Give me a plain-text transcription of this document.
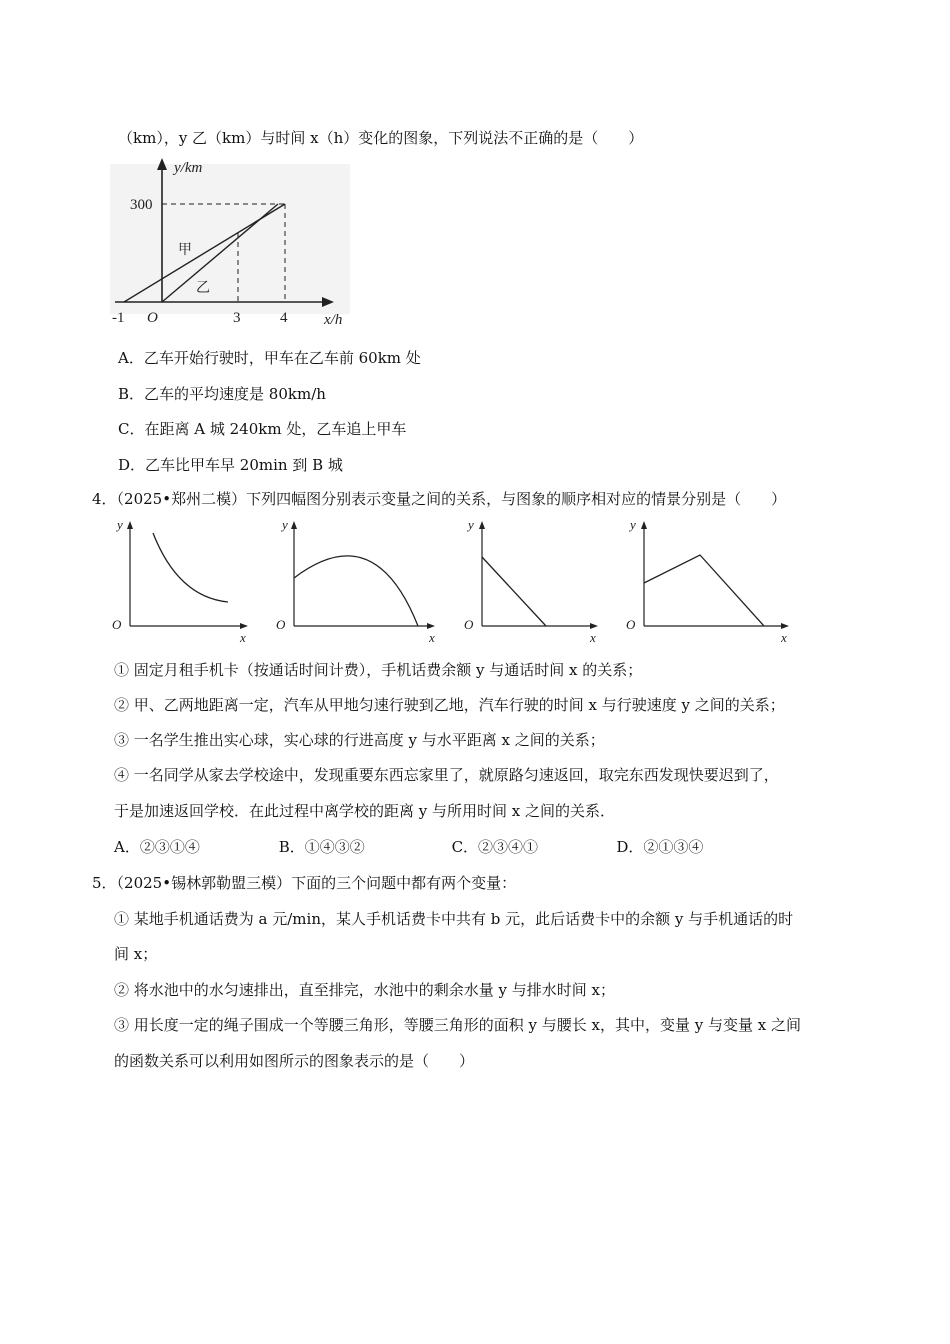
（km），y 乙（km）与时间 x（h）变化的图象，下列说法不正确的是（　　）
y/km
x/h
300
-1	3	4
O
甲
乙
A．乙车开始行驶时，甲车在乙车前 60km 处
B．乙车的平均速度是 80km/h
C．在距离 A 城 240km 处，乙车追上甲车
D．乙车比甲车早 20min 到 B 城
4．（2025•郑州二模）下列四幅图分别表示变量之间的关系，与图象的顺序相对应的情景分别是（　　）
y
O
x
y
O
x
y
O
x
y
O
x
① 固定月租手机卡（按通话时间计费），手机话费余额 y 与通话时间 x 的关系；
② 甲、乙两地距离一定，汽车从甲地匀速行驶到乙地，汽车行驶的时间 x 与行驶速度 y 之间的关系；
③ 一名学生推出实心球，实心球的行进高度 y 与水平距离 x 之间的关系；
④ 一名同学从家去学校途中，发现重要东西忘家里了，就原路匀速返回，取完东西发现快要迟到了，
于是加速返回学校．在此过程中离学校的距离 y 与所用时间 x 之间的关系．
A．②③①④	B．①④③②	C．②③④①	D．②①③④
5．（2025•锡林郭勒盟三模）下面的三个问题中都有两个变量：
① 某地手机通话费为 a 元/min，某人手机话费卡中共有 b 元，此后话费卡中的余额 y 与手机通话的时
间 x；
② 将水池中的水匀速排出，直至排完，水池中的剩余水量 y 与排水时间 x；
③ 用长度一定的绳子围成一个等腰三角形，等腰三角形的面积 y 与腰长 x，其中，变量 y 与变量 x 之间
的函数关系可以利用如图所示的图象表示的是（　　）
